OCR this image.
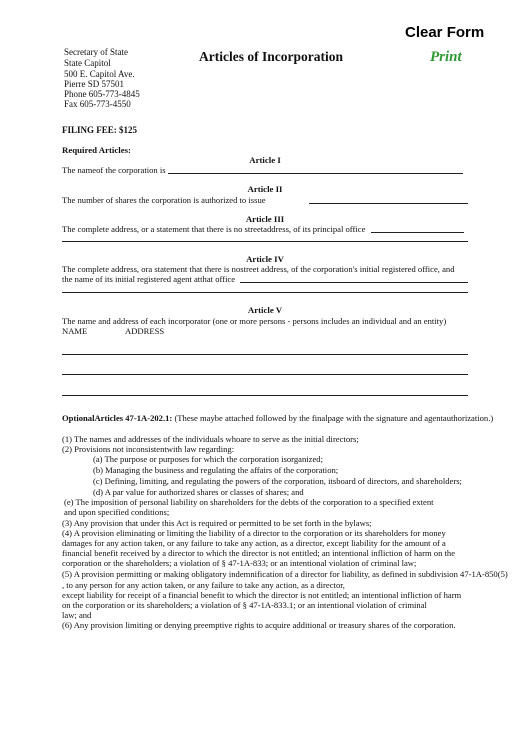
Clear Form
Print
Secretary of State
State Capitol
500 E. Capitol Ave.
Pierre SD 57501
Phone 605-773-4845
Fax 605-773-4550
Articles of Incorporation
FILING FEE: $125
Required Articles:
Article I
The nameof the corporation is
Article II
The number of shares the corporation is authorized to issue
Article III
The complete address, or a statement that there is no streetaddress, of its principal office
Article IV
The complete address, ora statement that there is nostreet address, of the corporation's initial registered office, and
the name of its initial registered agent atthat office
Article V
The name and address of each incorporator (one or more persons - persons includes an individual and an entity)
NAME	ADDRESS
OptionalArticles 47-1A-202.1: (These maybe attached followed by the finalpage with the signature and agentauthorization.)
(1) The names and addresses of the individuals whoare to serve as the initial directors;
(2) Provisions not inconsistentwith law regarding:
(a) The purpose or purposes for which the corporation isorganized;
(b) Managing the business and regulating the affairs of the corporation;
(c) Defining, limiting, and regulating the powers of the corporation, itsboard of directors, and shareholders;
(d) A par value for authorized shares or classes of shares; and
(e) The imposition of personal liability on shareholders for the debts of the corporation to a specified extent
and upon specified conditions;
(3) Any provision that under this Act is required or permitted to be set forth in the bylaws;
(4) A provision eliminating or limiting the liability of a director to the corporation or its shareholders for money
damages for any action taken, or any failure to take any action, as a director, except liability for the amount of a
financial benefit received by a director to which the director is not entitled; an intentional infliction of harm on the
corporation or the shareholders; a violation of § 47-1A-833; or an intentional violation of criminal law;
(5) A provision permitting or making obligatory indemnification of a director for liability, as defined in subdivision 47-1A-850(5)
, to any person for any action taken, or any failure to take any action, as a director,
except liability for receipt of a financial benefit to which the director is not entitled; an intentional infliction of harm
on the corporation or its shareholders; a violation of § 47-1A-833.1; or an intentional violation of criminal
law; and
(6) Any provision limiting or denying preemptive rights to acquire additional or treasury shares of the corporation.
